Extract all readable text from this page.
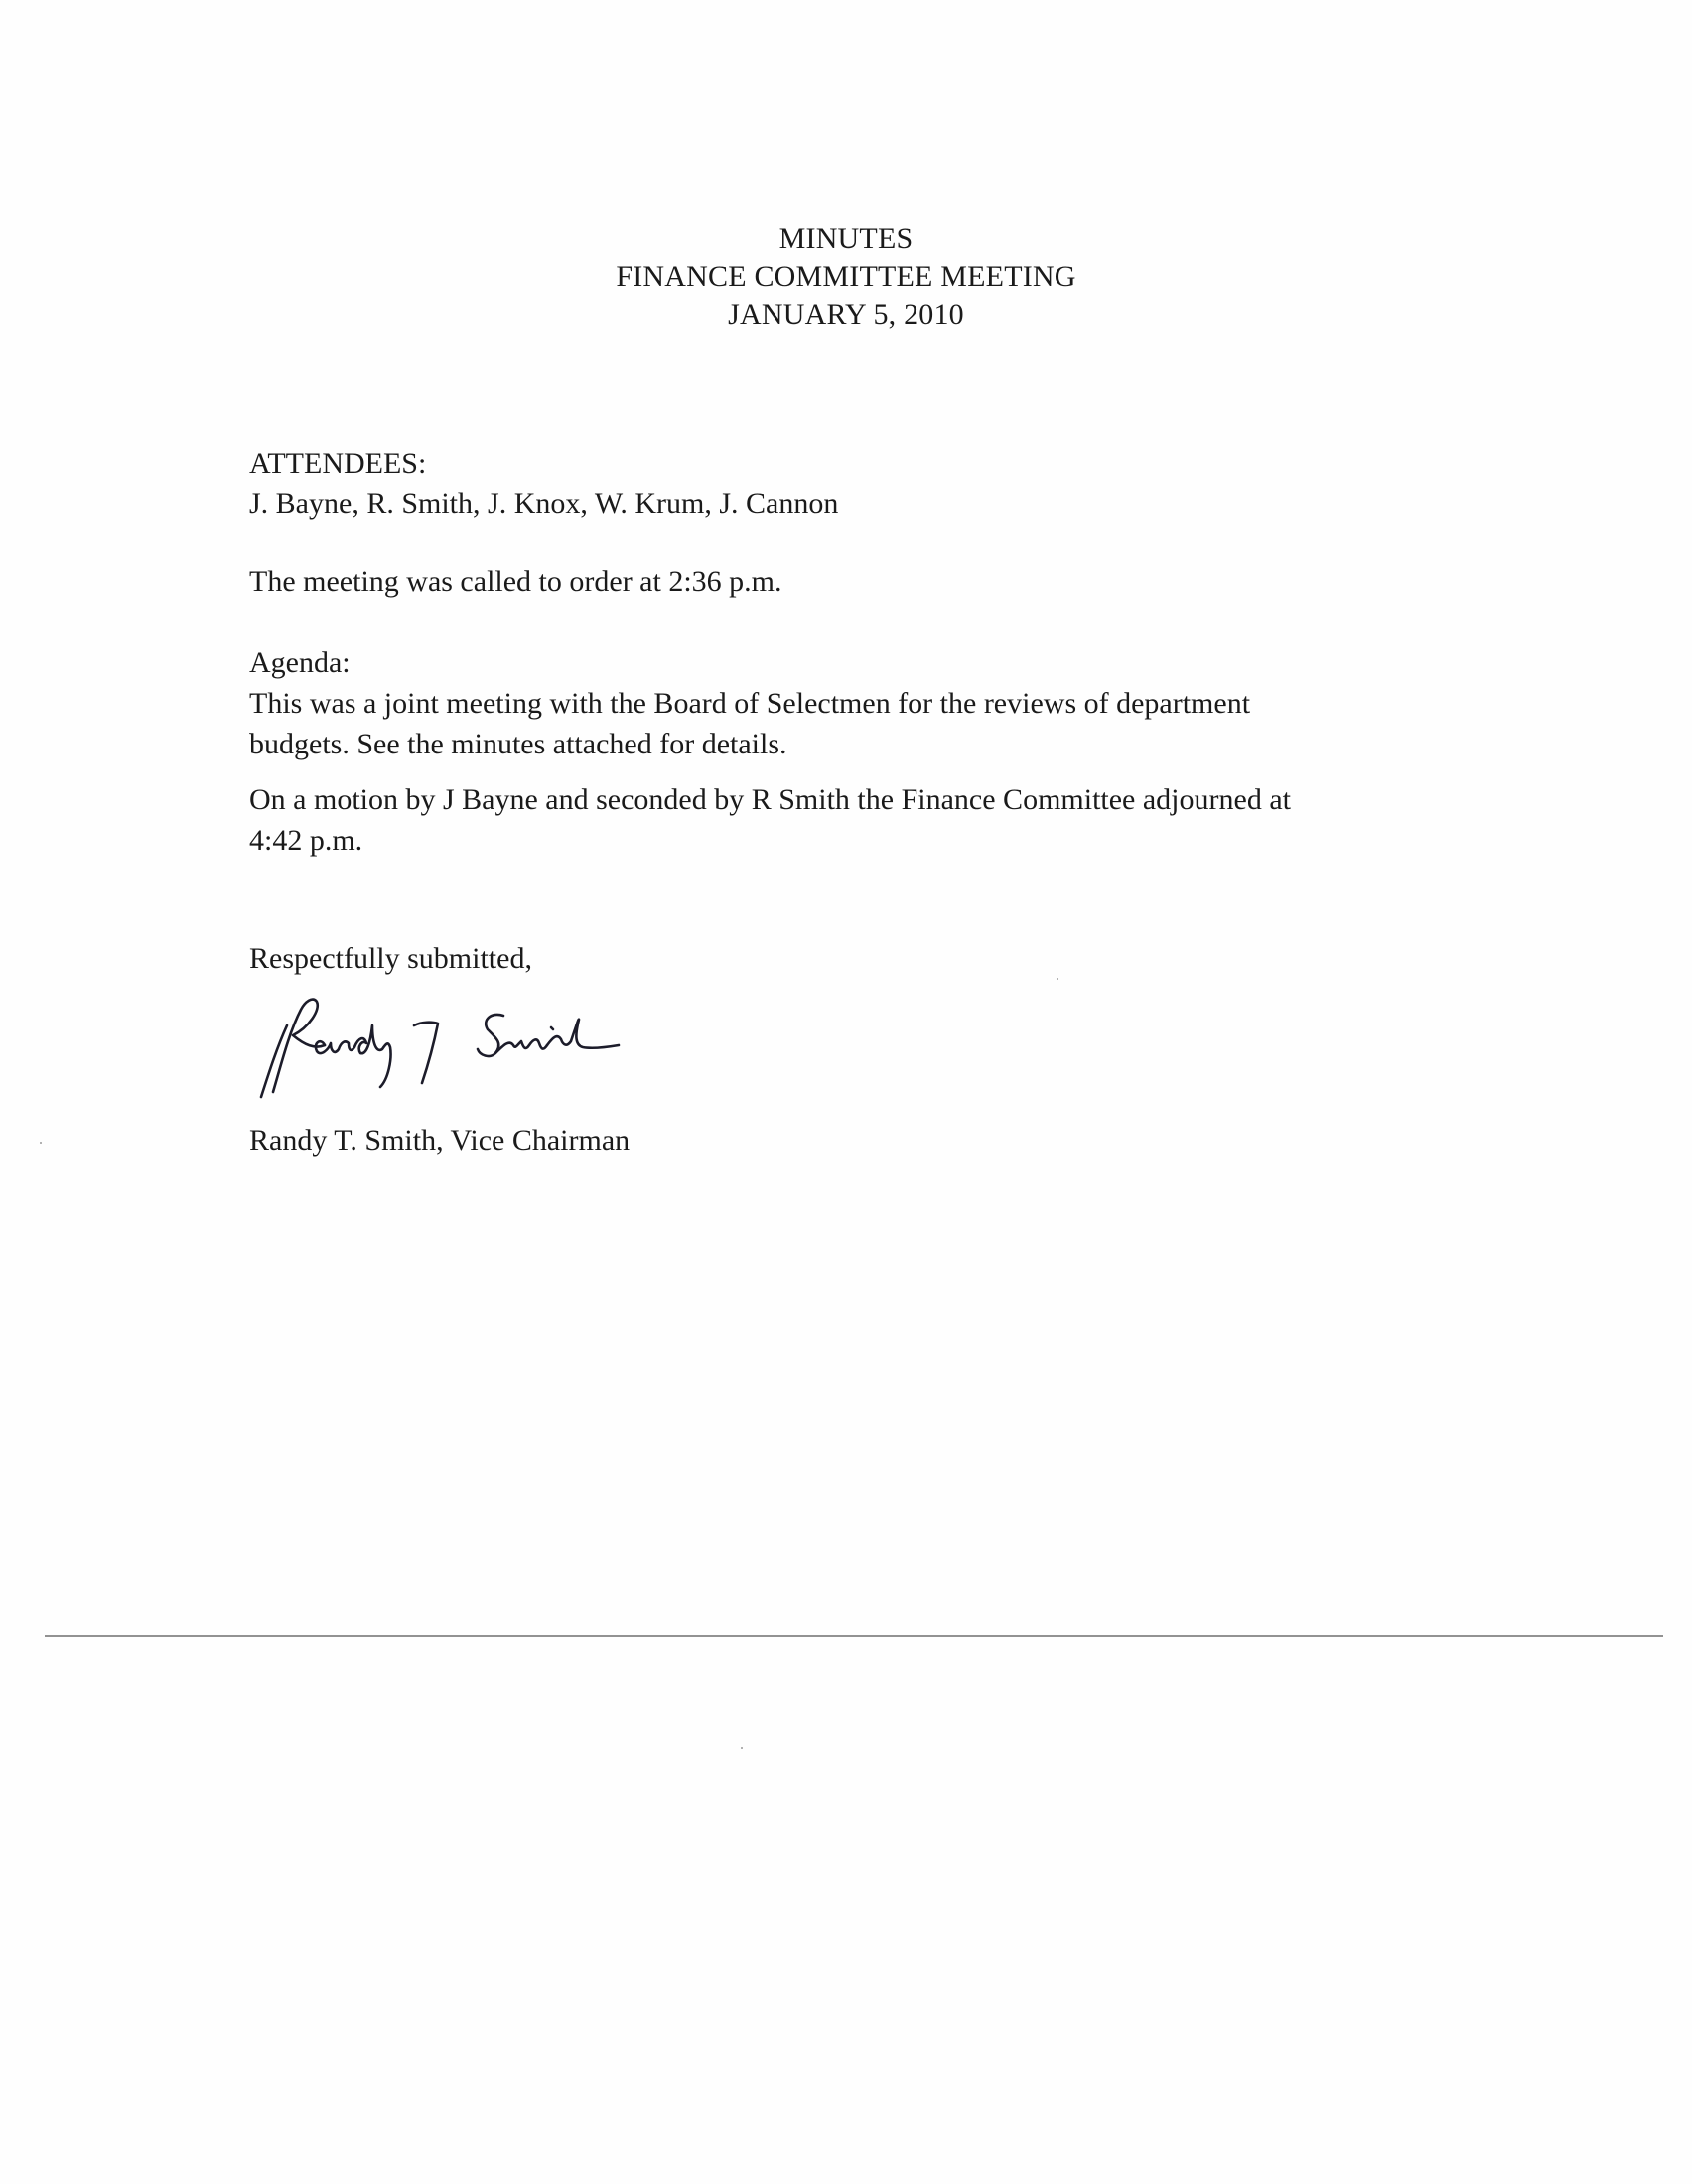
MINUTES
FINANCE COMMITTEE MEETING
JANUARY 5, 2010
ATTENDEES:
J. Bayne, R. Smith, J. Knox, W. Krum, J. Cannon
The meeting was called to order at 2:36 p.m.
Agenda:
This was a joint meeting with the Board of Selectmen for the reviews of department
budgets. See the minutes attached for details.
On a motion by J Bayne and seconded by R Smith the Finance Committee adjourned at
4:42 p.m.
Respectfully submitted,
Randy T. Smith, Vice Chairman
